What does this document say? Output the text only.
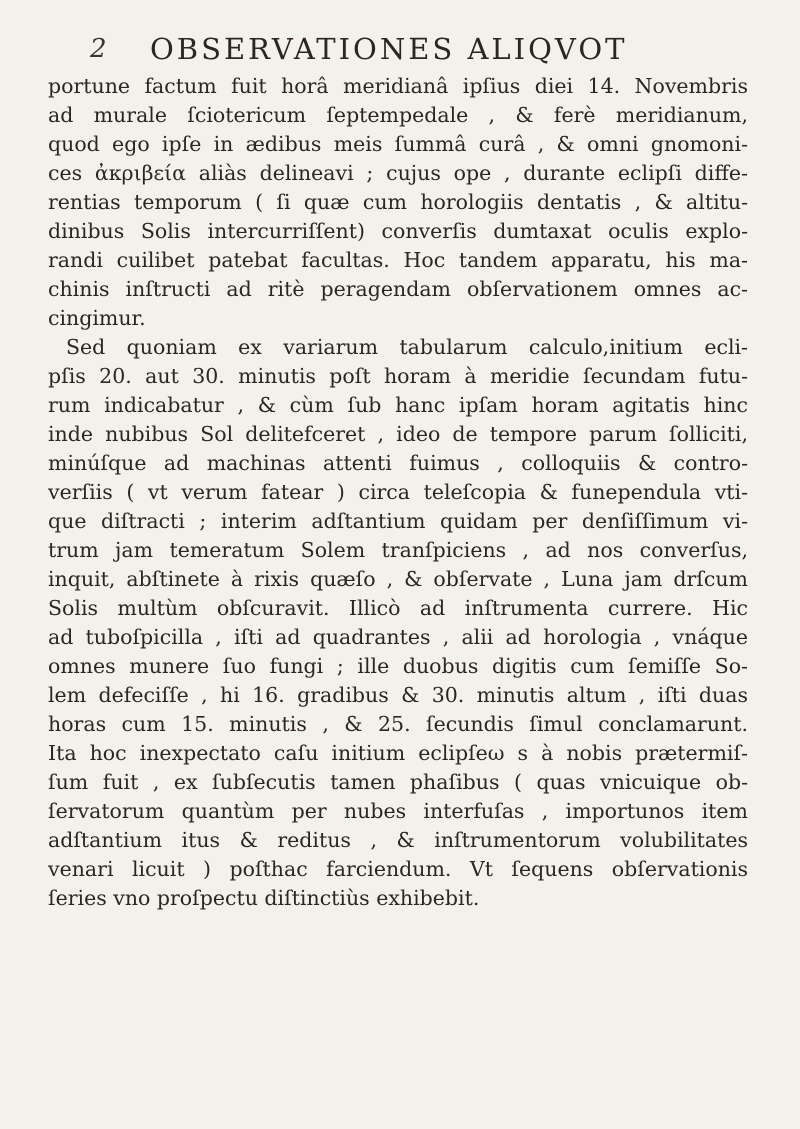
2 OBSERVATIONES ALIQVOT
portune factum fuit horâ meridianâ ipſius diei 14. Novembris
ad murale ſciotericum ſeptempedale , & ferè meridianum,
quod ego ipſe in ædibus meis ſummâ curâ , & omni gnomoni-
ces ἀκριβεία aliàs delineavi ; cujus ope , durante eclipſi diffe-
rentias temporum ( ſi quæ cum horologiis dentatis , & altitu-
dinibus Solis intercurriſſent) converſis dumtaxat oculis explo-
randi cuilibet patebat facultas. Hoc tandem apparatu, his ma-
chinis inſtructi ad ritè peragendam obſervationem omnes ac-
cingimur.
Sed quoniam ex variarum tabularum calculo,initium ecli-
pſis 20. aut 30. minutis poſt horam à meridie ſecundam futu-
rum indicabatur , & cùm ſub hanc ipſam horam agitatis hinc
inde nubibus Sol delitefceret , ideo de tempore parum ſolliciti,
minúſque ad machinas attenti fuimus , colloquiis & contro-
verſiis ( vt verum fatear ) circa teleſcopia & funependula vti-
que diſtracti ; interim adſtantium quidam per denſiſſimum vi-
trum jam temeratum Solem tranſpiciens , ad nos converſus,
inquit, abſtinete à rixis quæſo , & obſervate , Luna jam drſcum
Solis multùm obſcuravit. Illicò ad inſtrumenta currere. Hic
ad tuboſpicilla , iſti ad quadrantes , alii ad horologia , vnáque
omnes munere ſuo fungi ; ille duobus digitis cum ſemiſſe So-
lem defeciſſe , hi 16. gradibus & 30. minutis altum , iſti duas
horas cum 15. minutis , & 25. ſecundis ſimul conclamarunt.
Ita hoc inexpectato caſu initium eclipſeω s à nobis prætermiſ-
ſum fuit , ex ſubſecutis tamen phaſibus ( quas vnicuique ob-
ſervatorum quantùm per nubes interfuſas , importunos item
adſtantium itus & reditus , & inſtrumentorum volubilitates
venari licuit ) poſthac farciendum. Vt ſequens obſervationis
ſeries vno proſpectu diſtinctiùs exhibebit.
